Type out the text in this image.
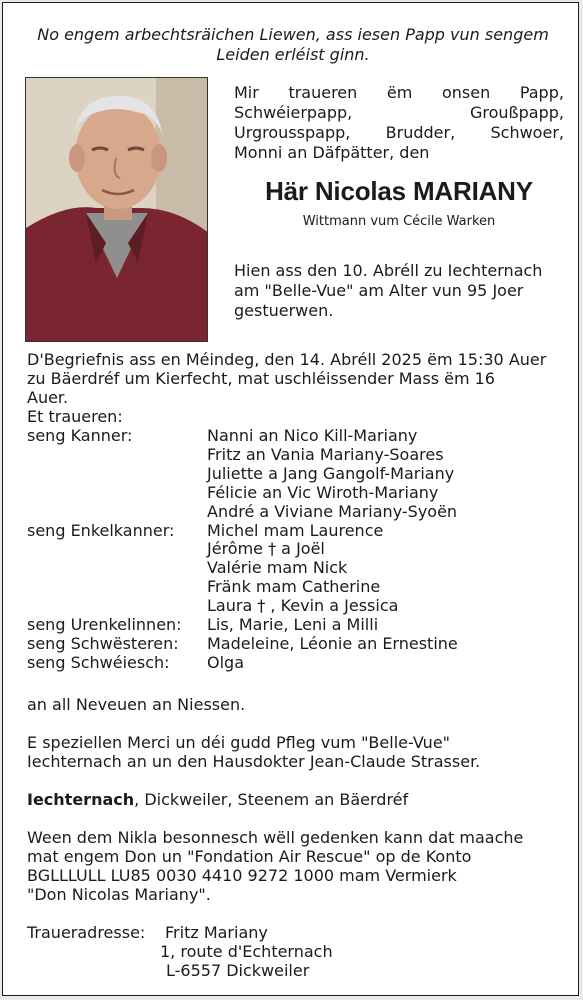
No engem arbechtsräichen Liewen, ass iesen Papp vun sengem
Leiden erléist ginn.
Mir traueren ëm onsen Papp,
Schwéierpapp,	Groußpapp,
Urgrousspapp, Brudder, Schwoer,
Monni an Däfpätter, den
Här Nicolas MARIANY
Wittmann vum Cécile Warken
Hien ass den 10. Abréll zu Iechternach
am "Belle-Vue" am Alter vun 95 Joer
gestuerwen.
D'Begriefnis ass en Méindeg, den 14. Abréll 2025 ëm 15:30 Auer
zu Bäerdréf um Kierfecht, mat uschléissender Mass ëm 16
Auer.
Et traueren:
seng Kanner:	Nanni an Nico Kill-Mariany
Fritz an Vania Mariany-Soares
Juliette a Jang Gangolf-Mariany
Félicie an Vic Wiroth-Mariany
André a Viviane Mariany-Syoën
seng Enkelkanner: Michel mam Laurence
Jérôme † a Joël
Valérie mam Nick
Fränk mam Catherine
Laura † , Kevin a Jessica
seng Urenkelinnen: Lis, Marie, Leni a Milli
seng Schwësteren: Madeleine, Léonie an Ernestine
seng Schwéiesch: Olga
an all Neveuen an Niessen.
E speziellen Merci un déi gudd Pfleg vum "Belle-Vue"
Iechternach an un den Hausdokter Jean-Claude Strasser.
Iechternach, Dickweiler, Steenem an Bäerdréf
Ween dem Nikla besonnesch wëll gedenken kann dat maache
mat engem Don un "Fondation Air Rescue" op de Konto
BGLLLULL LU85 0030 4410 9272 1000 mam Vermierk
"Don Nicolas Mariany".
Traueradresse: Fritz Mariany
1, route d'Echternach
L-6557 Dickweiler
